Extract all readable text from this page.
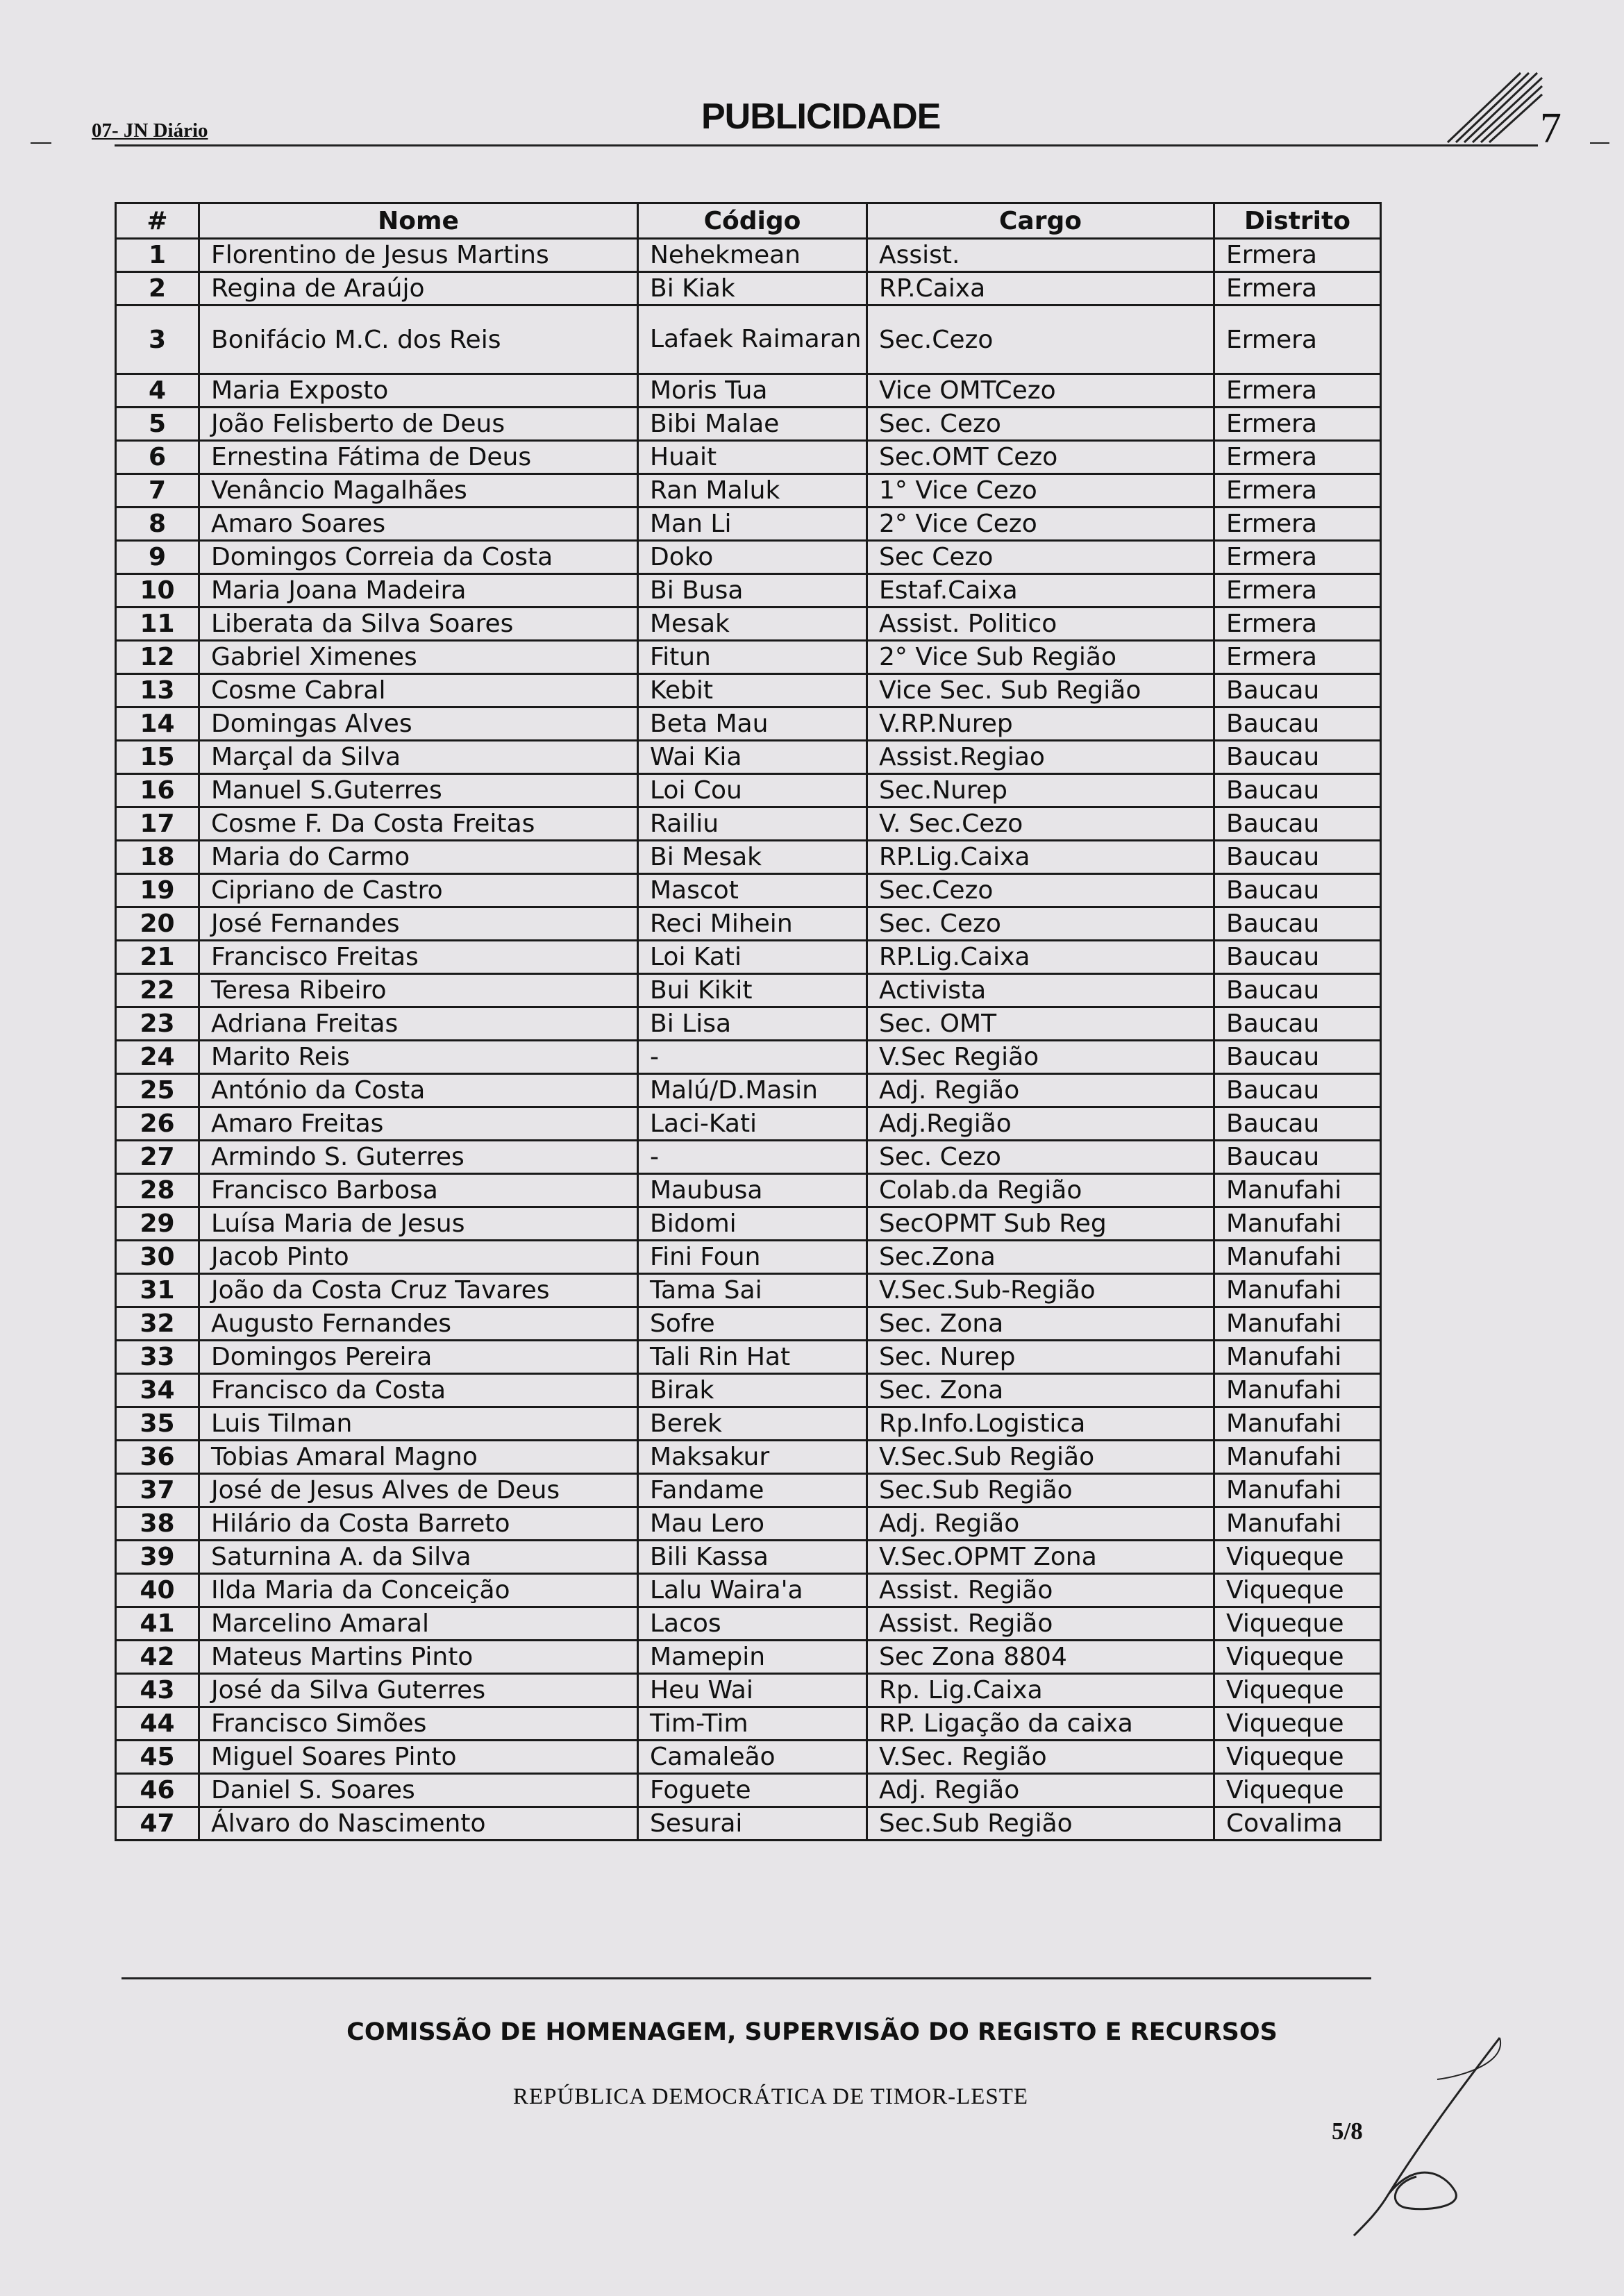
07- JN Diário	PUBLICIDADE	7
#	Nome	Código	Cargo	Distrito
1	Florentino de Jesus Martins	Nehekmean	Assist.	Ermera
2	Regina de Araújo	Bi Kiak	RP.Caixa	Ermera
3	Bonifácio M.C. dos Reis	Lafaek Raimaran	Sec.Cezo	Ermera
4	Maria Exposto	Moris Tua	Vice OMTCezo	Ermera
5	João Felisberto de Deus	Bibi Malae	Sec. Cezo	Ermera
6	Ernestina Fátima de Deus	Huait	Sec.OMT Cezo	Ermera
7	Venâncio Magalhães	Ran Maluk	1° Vice Cezo	Ermera
8	Amaro Soares	Man Li	2° Vice Cezo	Ermera
9	Domingos Correia da Costa	Doko	Sec Cezo	Ermera
10	Maria Joana Madeira	Bi Busa	Estaf.Caixa	Ermera
11	Liberata da Silva Soares	Mesak	Assist. Politico	Ermera
12	Gabriel Ximenes	Fitun	2° Vice Sub Região	Ermera
13	Cosme Cabral	Kebit	Vice Sec. Sub Região	Baucau
14	Domingas Alves	Beta Mau	V.RP.Nurep	Baucau
15	Marçal da Silva	Wai Kia	Assist.Regiao	Baucau
16	Manuel S.Guterres	Loi Cou	Sec.Nurep	Baucau
17	Cosme F. Da Costa Freitas	Railiu	V. Sec.Cezo	Baucau
18	Maria do Carmo	Bi Mesak	RP.Lig.Caixa	Baucau
19	Cipriano de Castro	Mascot	Sec.Cezo	Baucau
20	José Fernandes	Reci Mihein	Sec. Cezo	Baucau
21	Francisco Freitas	Loi Kati	RP.Lig.Caixa	Baucau
22	Teresa Ribeiro	Bui Kikit	Activista	Baucau
23	Adriana Freitas	Bi Lisa	Sec. OMT	Baucau
24	Marito Reis	-	V.Sec Região	Baucau
25	António da Costa	Malú/D.Masin	Adj. Região	Baucau
26	Amaro Freitas	Laci-Kati	Adj.Região	Baucau
27	Armindo S. Guterres	-	Sec. Cezo	Baucau
28	Francisco Barbosa	Maubusa	Colab.da Região	Manufahi
29	Luísa Maria de Jesus	Bidomi	SecOPMT Sub Reg	Manufahi
30	Jacob Pinto	Fini Foun	Sec.Zona	Manufahi
31	João da Costa Cruz Tavares	Tama Sai	V.Sec.Sub-Região	Manufahi
32	Augusto Fernandes	Sofre	Sec. Zona	Manufahi
33	Domingos Pereira	Tali Rin Hat	Sec. Nurep	Manufahi
34	Francisco da Costa	Birak	Sec. Zona	Manufahi
35	Luis Tilman	Berek	Rp.Info.Logistica	Manufahi
36	Tobias Amaral Magno	Maksakur	V.Sec.Sub Região	Manufahi
37	José de Jesus Alves de Deus	Fandame	Sec.Sub Região	Manufahi
38	Hilário da Costa Barreto	Mau Lero	Adj. Região	Manufahi
39	Saturnina A. da Silva	Bili Kassa	V.Sec.OPMT Zona	Viqueque
40	Ilda Maria da Conceição	Lalu Waira'a	Assist. Região	Viqueque
41	Marcelino Amaral	Lacos	Assist. Região	Viqueque
42	Mateus Martins Pinto	Mamepin	Sec Zona 8804	Viqueque
43	José da Silva Guterres	Heu Wai	Rp. Lig.Caixa	Viqueque
44	Francisco Simões	Tim-Tim	RP. Ligação da caixa	Viqueque
45	Miguel Soares Pinto	Camaleão	V.Sec. Região	Viqueque
46	Daniel S. Soares	Foguete	Adj. Região	Viqueque
47	Álvaro do Nascimento	Sesurai	Sec.Sub Região	Covalima
COMISSÃO DE HOMENAGEM, SUPERVISÃO DO REGISTO E RECURSOS
REPÚBLICA DEMOCRÁTICA DE TIMOR-LESTE
5/8
